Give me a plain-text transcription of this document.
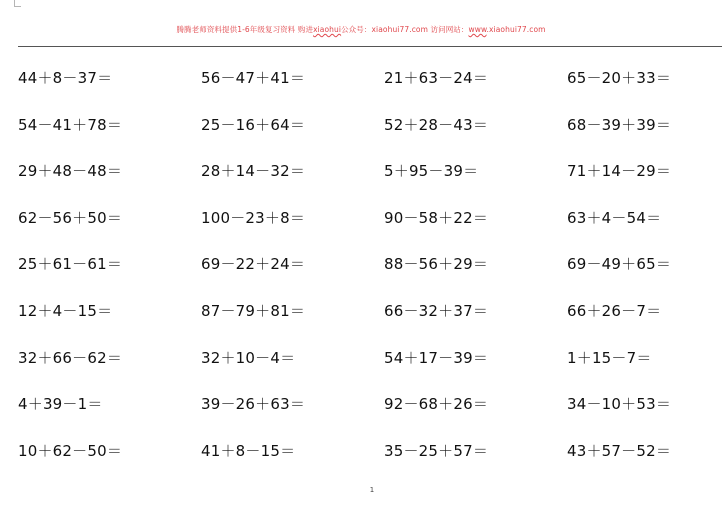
腾腾老师资料提供1-6年级复习资料 购进xiaohui公众号：xiaohui77.com 访问网站：www.xiaohui77.com
44＋8－37＝	56－47＋41＝	21＋63－24＝	65－20＋33＝
54－41＋78＝	25－16＋64＝	52＋28－43＝	68－39＋39＝
29＋48－48＝	28＋14－32＝	5＋95－39＝	71＋14－29＝
62－56＋50＝	100－23＋8＝	90－58＋22＝	63＋4－54＝
25＋61－61＝	69－22＋24＝	88－56＋29＝	69－49＋65＝
12＋4－15＝	87－79＋81＝	66－32＋37＝	66＋26－7＝
32＋66－62＝	32＋10－4＝	54＋17－39＝	1＋15－7＝
4＋39－1＝	39－26＋63＝	92－68＋26＝	34－10＋53＝
10＋62－50＝	41＋8－15＝	35－25＋57＝	43＋57－52＝
1
